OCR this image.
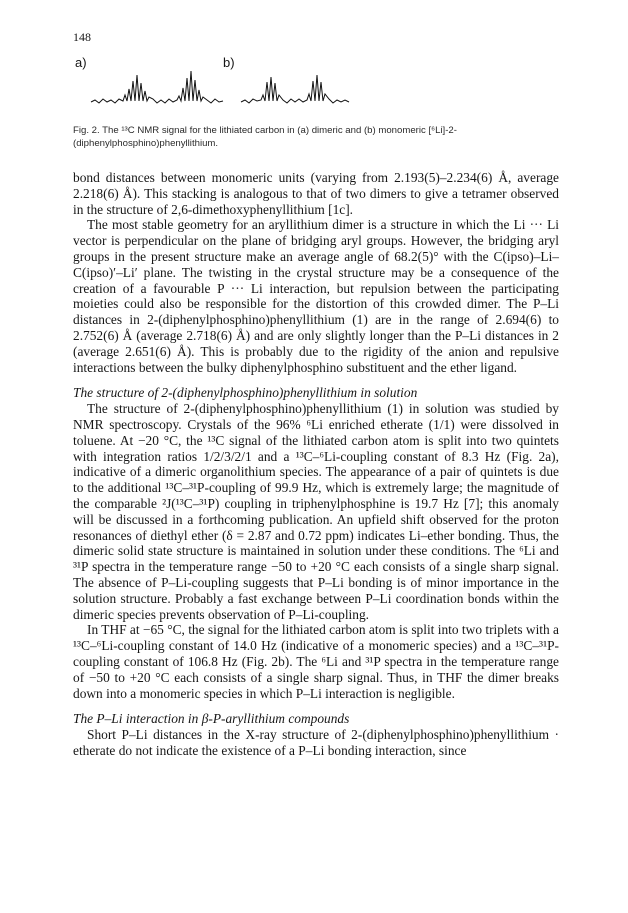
148
a)	b)
Fig. 2. The ¹³C NMR signal for the lithiated carbon in (a) dimeric and (b) monomeric [⁶Li]-2-(diphenylphosphino)phenyllithium.

bond distances between monomeric units (varying from 2.193(5)–2.234(6) Å, average 2.218(6) Å). This stacking is analogous to that of two dimers to give a tetramer observed in the structure of 2,6-dimethoxyphenyllithium [1c].

The most stable geometry for an aryllithium dimer is a structure in which the Li ··· Li vector is perpendicular on the plane of bridging aryl groups. However, the bridging aryl groups in the present structure make an average angle of 68.2(5)° with the C(ipso)–Li–C(ipso)′–Li′ plane. The twisting in the crystal structure may be a consequence of the creation of a favourable P ··· Li interaction, but repulsion between the participating moieties could also be responsible for the distortion of this crowded dimer. The P–Li distances in 2-(diphenylphosphino)phenyllithium (1) are in the range of 2.694(6) to 2.752(6) Å (average 2.718(6) Å) and are only slightly longer than the P–Li distances in 2 (average 2.651(6) Å). This is probably due to the rigidity of the anion and repulsive interactions between the bulky diphenylphosphino substituent and the ether ligand.

The structure of 2-(diphenylphosphino)phenyllithium in solution

The structure of 2-(diphenylphosphino)phenyllithium (1) in solution was studied by NMR spectroscopy. Crystals of the 96% ⁶Li enriched etherate (1/1) were dissolved in toluene. At −20 °C, the ¹³C signal of the lithiated carbon atom is split into two quintets with integration ratios 1/2/3/2/1 and a ¹³C–⁶Li-coupling constant of 8.3 Hz (Fig. 2a), indicative of a dimeric organolithium species. The appearance of a pair of quintets is due to the additional ¹³C–³¹P-coupling of 99.9 Hz, which is extremely large; the magnitude of the comparable ²J(¹³C–³¹P) coupling in triphenylphosphine is 19.7 Hz [7]; this anomaly will be discussed in a forthcoming publication. An upfield shift observed for the proton resonances of diethyl ether (δ = 2.87 and 0.72 ppm) indicates Li–ether bonding. Thus, the dimeric solid state structure is maintained in solution under these conditions. The ⁶Li and ³¹P spectra in the temperature range −50 to +20 °C each consists of a single sharp signal. The absence of P–Li-coupling suggests that P–Li bonding is of minor importance in the solution structure. Probably a fast exchange between P–Li coordination bonds within the dimeric species prevents observation of P–Li-coupling.

In THF at −65 °C, the signal for the lithiated carbon atom is split into two triplets with a ¹³C–⁶Li-coupling constant of 14.0 Hz (indicative of a monomeric species) and a ¹³C–³¹P-coupling constant of 106.8 Hz (Fig. 2b). The ⁶Li and ³¹P spectra in the temperature range of −50 to +20 °C each consists of a single sharp signal. Thus, in THF the dimer breaks down into a monomeric species in which P–Li interaction is negligible.

The P–Li interaction in β-P-aryllithium compounds

Short P–Li distances in the X-ray structure of 2-(diphenylphosphino)phenyllithium · etherate do not indicate the existence of a P–Li bonding interaction, since
